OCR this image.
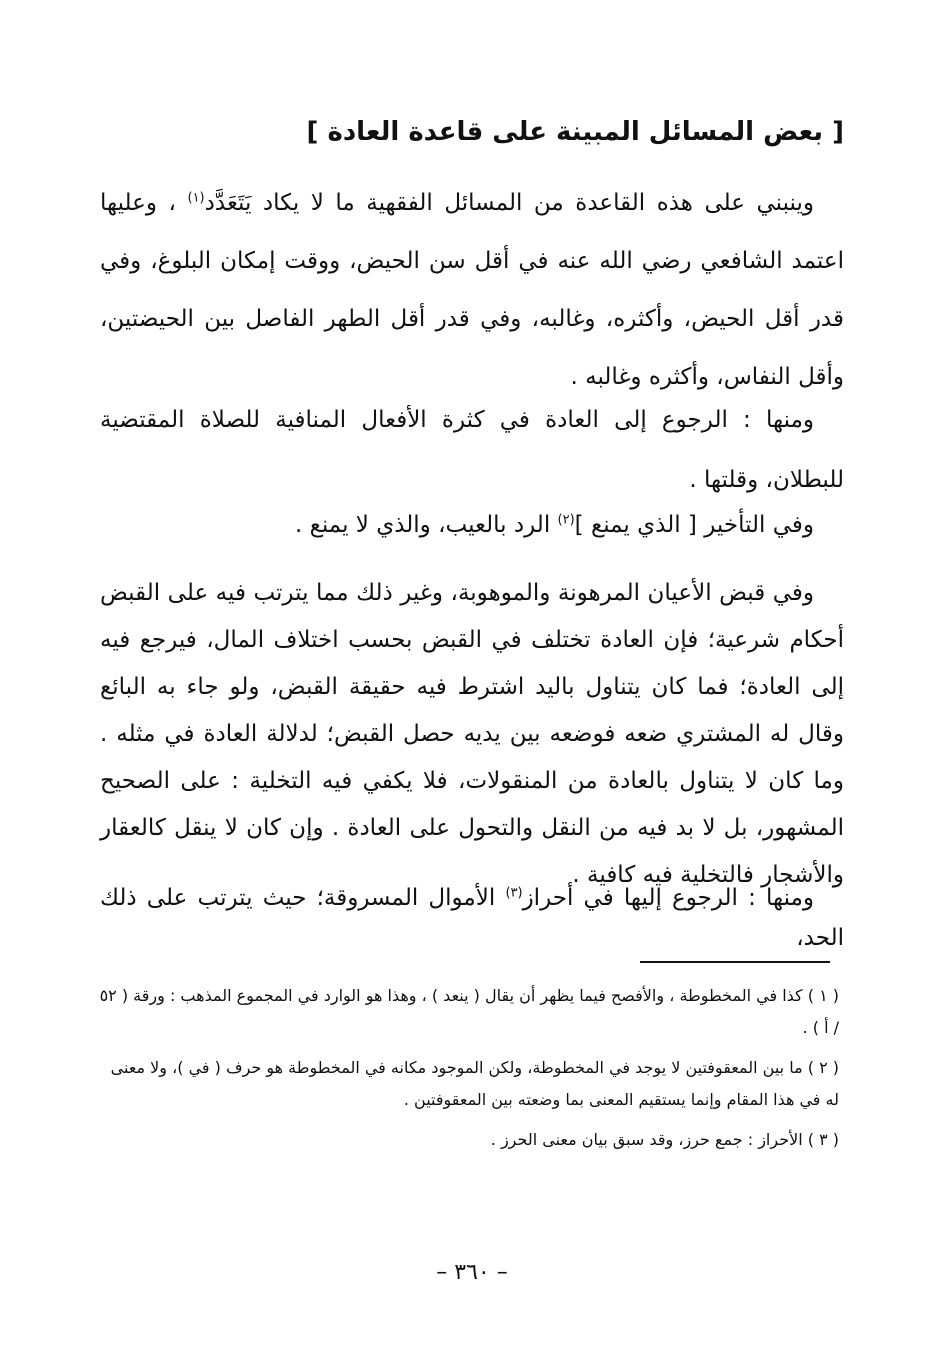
[ بعض المسائل المبينة على قاعدة العادة ]
وينبني على هذه القاعدة من المسائل الفقهية ما لا يكاد يَتَعَدَّد$^{(١)}$ ، وعليها اعتمد الشافعي رضي الله عنه في أقل سن الحيض، ووقت إمكان البلوغ، وفي قدر أقل الحيض، وأكثره، وغالبه، وفي قدر أقل الطهر الفاصل بين الحيضتين، وأقل النفاس، وأكثره وغالبه .
ومنها : الرجوع إلى العادة في كثرة الأفعال المنافية للصلاة المقتضية للبطلان، وقلتها .
وفي التأخير [ الذي يمنع ]$^{(٢)}$ الرد بالعيب، والذي لا يمنع .
وفي قبض الأعيان المرهونة والموهوبة، وغير ذلك مما يترتب فيه على القبض أحكام شرعية؛ فإن العادة تختلف في القبض بحسب اختلاف المال، فيرجع فيه إلى العادة؛ فما كان يتناول باليد اشترط فيه حقيقة القبض، ولو جاء به البائع وقال له المشتري ضعه فوضعه بين يديه حصل القبض؛ لدلالة العادة في مثله . وما كان لا يتناول بالعادة من المنقولات، فلا يكفي فيه التخلية : على الصحيح المشهور، بل لا بد فيه من النقل والتحول على العادة . وإن كان لا ينقل كالعقار والأشجار فالتخلية فيه كافية .
ومنها : الرجوع إليها في أحراز$^{(٣)}$ الأموال المسروقة؛ حيث يترتب على ذلك الحد،
( ١ ) كذا في المخطوطة ، والأفصح فيما يظهر أن يقال ( ينعد ) ، وهذا هو الوارد في المجموع المذهب : ورقة ( ٥٢ / أ ) .
( ٢ ) ما بين المعقوفتين لا يوجد في المخطوطة، ولكن الموجود مكانه في المخطوطة هو حرف ( في )، ولا معنى له في هذا المقام وإنما يستقيم المعنى بما وضعته بين المعقوفتين .
( ٣ ) الأحراز : جمع حرز، وقد سبق بيان معنى الحرز .
– ٣٦٠ –
